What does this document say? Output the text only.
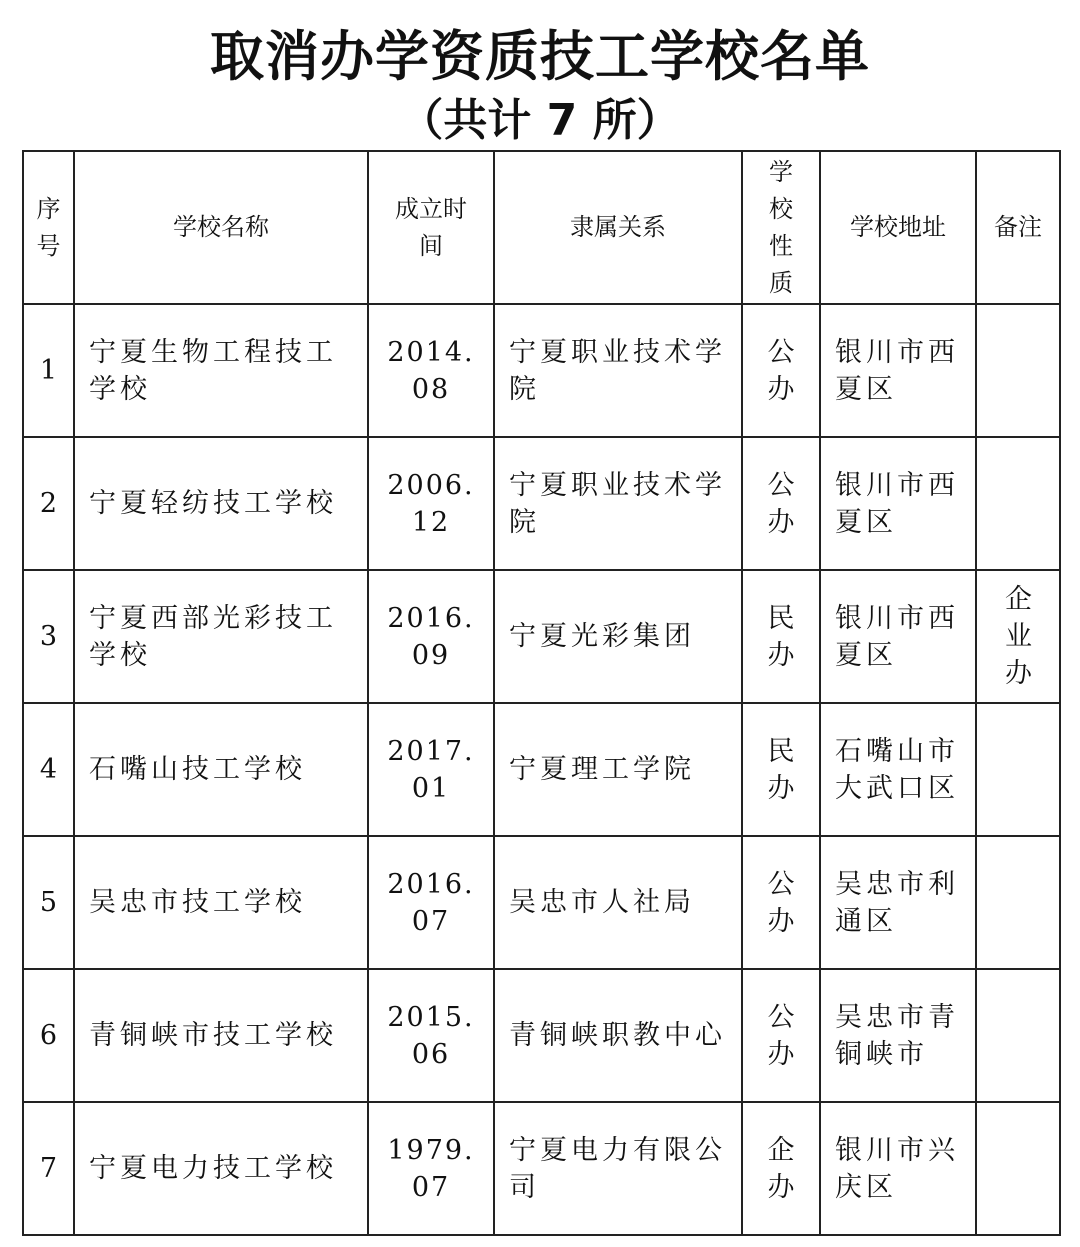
取消办学资质技工学校名单
（共计 7 所）
序号	学校名称	成立时间	隶属关系	学校性质	学校地址	备注
1	宁夏生物工程技工学校	2014.08	宁夏职业技术学院	公办	银川市西夏区	
2	宁夏轻纺技工学校	2006.12	宁夏职业技术学院	公办	银川市西夏区	
3	宁夏西部光彩技工学校	2016.09	宁夏光彩集团	民办	银川市西夏区	企业办
4	石嘴山技工学校	2017.01	宁夏理工学院	民办	石嘴山市大武口区	
5	吴忠市技工学校	2016.07	吴忠市人社局	公办	吴忠市利通区	
6	青铜峡市技工学校	2015.06	青铜峡职教中心	公办	吴忠市青铜峡市	
7	宁夏电力技工学校	1979.07	宁夏电力有限公司	企办	银川市兴庆区	
